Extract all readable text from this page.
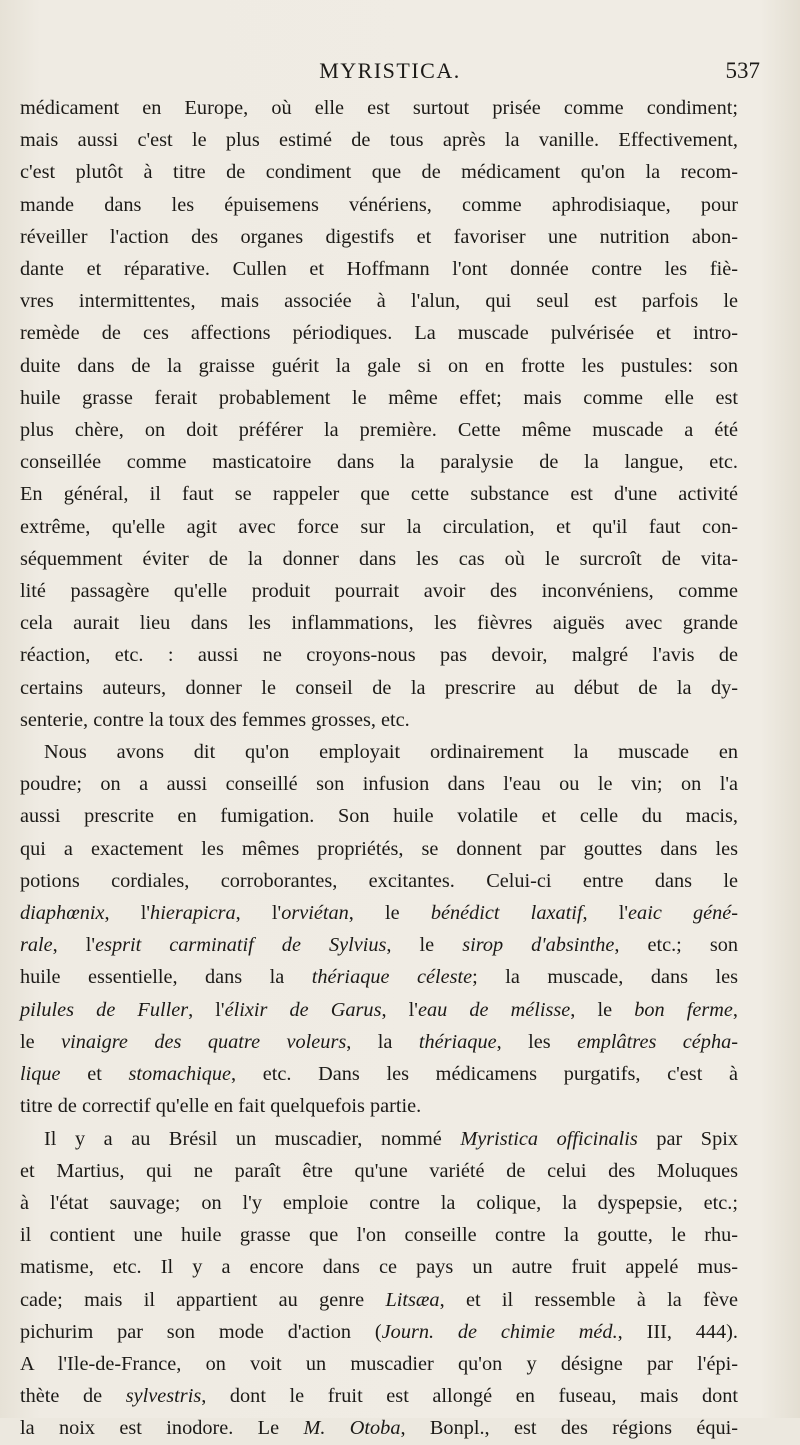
MYRISTICA.	537

médicament en Europe, où elle est surtout prisée comme condiment;
mais aussi c'est le plus estimé de tous après la vanille. Effectivement,
c'est plutôt à titre de condiment que de médicament qu'on la recom-
mande dans les épuisemens vénériens, comme aphrodisiaque, pour
réveiller l'action des organes digestifs et favoriser une nutrition abon-
dante et réparative. Cullen et Hoffmann l'ont donnée contre les fiè-
vres intermittentes, mais associée à l'alun, qui seul est parfois le
remède de ces affections périodiques. La muscade pulvérisée et intro-
duite dans de la graisse guérit la gale si on en frotte les pustules: son
huile grasse ferait probablement le même effet; mais comme elle est
plus chère, on doit préférer la première. Cette même muscade a été
conseillée comme masticatoire dans la paralysie de la langue, etc.
En général, il faut se rappeler que cette substance est d'une activité
extrême, qu'elle agit avec force sur la circulation, et qu'il faut con-
séquemment éviter de la donner dans les cas où le surcroît de vita-
lité passagère qu'elle produit pourrait avoir des inconvéniens, comme
cela aurait lieu dans les inflammations, les fièvres aiguës avec grande
réaction, etc. : aussi ne croyons-nous pas devoir, malgré l'avis de
certains auteurs, donner le conseil de la prescrire au début de la dy-
senterie, contre la toux des femmes grosses, etc.

Nous avons dit qu'on employait ordinairement la muscade en
poudre; on a aussi conseillé son infusion dans l'eau ou le vin; on l'a
aussi prescrite en fumigation. Son huile volatile et celle du macis,
qui a exactement les mêmes propriétés, se donnent par gouttes dans les
potions cordiales, corroborantes, excitantes. Celui-ci entre dans le
diaphœnix, l'hierapicra, l'orviétan, le bénédict laxatif, l'eaic géné-
rale, l'esprit carminatif de Sylvius, le sirop d'absinthe, etc.; son
huile essentielle, dans la thériaque céleste; la muscade, dans les
pilules de Fuller, l'élixir de Garus, l'eau de mélisse, le bon ferme,
le vinaigre des quatre voleurs, la thériaque, les emplâtres cépha-
lique et stomachique, etc. Dans les médicamens purgatifs, c'est à
titre de correctif qu'elle en fait quelquefois partie.

Il y a au Brésil un muscadier, nommé Myristica officinalis par Spix
et Martius, qui ne paraît être qu'une variété de celui des Moluques
à l'état sauvage; on l'y emploie contre la colique, la dyspepsie, etc.;
il contient une huile grasse que l'on conseille contre la goutte, le rhu-
matisme, etc. Il y a encore dans ce pays un autre fruit appelé mus-
cade; mais il appartient au genre Litsæa, et il ressemble à la fève
pichurim par son mode d'action (Journ. de chimie méd., III, 444).
A l'Ile-de-France, on voit un muscadier qu'on y désigne par l'épi-
thète de sylvestris, dont le fruit est allongé en fuseau, mais dont
la noix est inodore. Le M. Otoba, Bonpl., est des régions équi-
